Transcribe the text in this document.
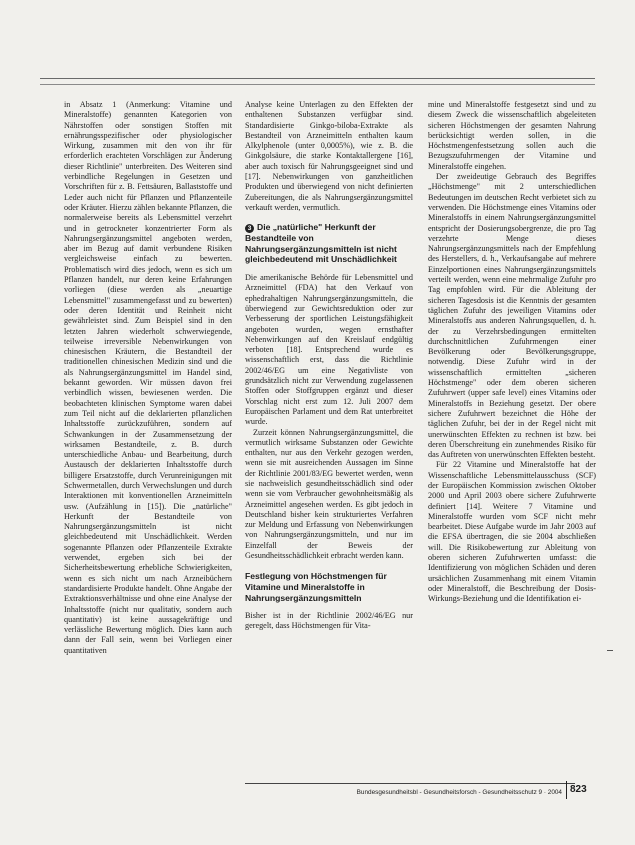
in Absatz 1 (Anmerkung: Vitamine und Mineralstoffe) genannten Kategorien von Nährstoffen oder sonstigen Stoffen mit ernährungsspezifischer oder physiologischer Wirkung, zusammen mit den von ihr für erforderlich erachteten Vorschlägen zur Änderung dieser Richtlinie" unterbreiten. Des Weiteren sind verbindliche Regelungen in Gesetzen und Vorschriften für z. B. Fettsäuren, Ballaststoffe und Leder auch nicht für Pflanzen und Pflanzenteile oder Kräuter. Hierzu zählen bekannte Pflanzen, die normalerweise bereits als Lebensmittel verzehrt und in getrockneter konzentrierter Form als Nahrungsergänzungsmittel angeboten werden, aber im Bezug auf damit verbundene Risiken vergleichsweise einfach zu bewerten. Problematisch wird dies jedoch, wenn es sich um Pflanzen handelt, nur deren keine Erfahrungen vorliegen (diese werden als „neuartige Lebensmittel" zusammengefasst und zu bewerten) oder deren Identität und Reinheit nicht gewährleistet sind. Zum Beispiel sind in den letzten Jahren wiederholt schwerwiegende, teilweise irreversible Nebenwirkungen von chinesischen Kräutern, die Bestandteil der traditionellen chinesischen Medizin sind und die als Nahrungsergänzungsmittel im Handel sind, bekannt geworden. Wir müssen davon frei verbindlich wissen, bewiesenen werden. Die beobachteten klinischen Symptome waren dabei zum Teil nicht auf die deklarierten pflanzlichen Inhaltsstoffe zurückzuführen, sondern auf Schwankungen in der Zusammensetzung der wirksamen Bestandteile, z. B. durch unterschiedliche Anbau- und Bearbeitung, durch Austausch der deklarierten Inhaltsstoffe durch billigere Ersatzstoffe, durch Verunreinigungen mit Schwermetallen, durch Verwechslungen und durch Interaktionen mit konventionellen Arzneimitteln usw. (Aufzählung in [15]). Die „natürliche" Herkunft der Bestandteile von Nahrungsergänzungsmitteln ist nicht gleichbedeutend mit Unschädlichkeit. Werden sogenannte Pflanzen oder Pflanzenteile Extrakte verwendet, ergeben sich bei der Sicherheitsbewertung erhebliche Schwierigkeiten, wenn es sich nicht um nach Arzneibüchern standardisierte Produkte handelt. Ohne Angabe der Extraktionsverhältnisse und ohne eine Analyse der Inhaltsstoffe (nicht nur qualitativ, sondern auch quantitativ) ist keine aussagekräftige und verlässliche Bewertung möglich. Dies kann auch dann der Fall sein, wenn bei Vorliegen einer quantitativen

Analyse keine Unterlagen zu den Effekten der enthaltenen Substanzen verfügbar sind. Standardisierte Ginkgo-biloba-Extrakte als Bestandteil von Arzneimitteln enthalten kaum Alkylphenole (unter 0,0005%), wie z. B. die Ginkgolsäure, die starke Kontaktallergene [16], aber auch toxisch für Nahrungsgeeignet sind und [17]. Nebenwirkungen von ganzheitlichen Produkten und überwiegend von nicht definierten Zubereitungen, die als Nahrungsergänzungsmittel verkauft werden, vermutlich.

3 Die „natürliche" Herkunft der Bestandteile von Nahrungsergänzungsmitteln ist nicht gleichbedeutend mit Unschädlichkeit

Die amerikanische Behörde für Lebensmittel und Arzneimittel (FDA) hat den Verkauf von ephedrahaltigen Nahrungsergänzungsmitteln, die überwiegend zur Gewichtsreduktion oder zur Verbesserung der sportlichen Leistungsfähigkeit angeboten wurden, wegen ernsthafter Nebenwirkungen auf den Kreislauf endgültig verboten [18]. Entsprechend wurde es wissenschaftlich erst, dass die Richtlinie 2002/46/EG um eine Negativliste von grundsätzlich nicht zur Verwendung zugelassenen Stoffen oder Stoffgruppen ergänzt und dieser Vorschlag nicht erst zum 12. Juli 2007 dem Europäischen Parlament und dem Rat unterbreitet wurde.

Zurzeit können Nahrungsergänzungsmittel, die vermutlich wirksame Substanzen oder Gewichte enthalten, nur aus den Verkehr gezogen werden, wenn sie mit ausreichenden Aussagen im Sinne der Richtlinie 2001/83/EG bewertet werden, wenn sie nachweislich gesundheitsschädlich sind oder wenn sie vom Verbraucher gewohnheitsmäßig als Arzneimittel angesehen werden. Es gibt jedoch in Deutschland bisher kein strukturiertes Verfahren zur Meldung und Erfassung von Nebenwirkungen von Nahrungsergänzungsmitteln, und nur im Einzelfall der Beweis der Gesundheitsschädlichkeit erbracht werden kann.

Festlegung von Höchstmengen für Vitamine und Mineralstoffe in Nahrungsergänzungsmitteln

Bisher ist in der Richtlinie 2002/46/EG nur geregelt, dass Höchstmengen für Vita-

mine und Mineralstoffe festgesetzt sind und zu diesem Zweck die wissenschaftlich abgeleiteten sicheren Höchstmengen der gesamten Nahrung berücksichtigt werden sollen, in die Höchstmengenfestsetzung sollen auch die Bezugszufuhrmengen der Vitamine und Mineralstoffe eingehen.

Der zweideutige Gebrauch des Begriffes „Höchstmenge" mit 2 unterschiedlichen Bedeutungen im deutschen Recht verbietet sich zu verwenden. Die Höchstmenge eines Vitamins oder Mineralstoffs in einem Nahrungsergänzungsmittel entspricht der Dosierungsobergrenze, die pro Tag verzehrte Menge dieses Nahrungsergänzungsmittels nach der Empfehlung des Herstellers, d. h., Verkaufsangabe auf mehrere Einzelportionen eines Nahrungsergänzungsmittels verteilt werden, wenn eine mehrmalige Zufuhr pro Tag empfohlen wird. Für die Ableitung der sicheren Tagesdosis ist die Kenntnis der gesamten täglichen Zufuhr des jeweiligen Vitamins oder Mineralstoffs aus anderen Nahrungsquellen, d. h. der zu Verzehrsbedingungen ermittelten durchschnittlichen Zufuhrmengen einer Bevölkerung oder Bevölkerungsgruppe, notwendig. Diese Zufuhr wird in der wissenschaftlich ermittelten „sicheren Höchstmenge" oder dem oberen sicheren Zufuhrwert (upper safe level) eines Vitamins oder Mineralstoffs in Beziehung gesetzt. Der obere sichere Zufuhrwert bezeichnet die Höhe der täglichen Zufuhr, bei der in der Regel nicht mit unerwünschten Effekten zu rechnen ist bzw. bei deren Überschreitung ein zunehmendes Risiko für das Auftreten von unerwünschten Effekten besteht.

Für 22 Vitamine und Mineralstoffe hat der Wissenschaftliche Lebensmittelausschuss (SCF) der Europäischen Kommission zwischen Oktober 2000 und April 2003 obere sichere Zufuhrwerte definiert [14]. Weitere 7 Vitamine und Mineralstoffe wurden vom SCF nicht mehr bearbeitet. Diese Aufgabe wurde im Jahr 2003 auf die EFSA übertragen, die sie 2004 abschließen will. Die Risikobewertung zur Ableitung von oberen sicheren Zufuhrwerten umfasst: die Identifizierung von möglichen Schäden und deren ursächlichen Zusammenhang mit einem Vitamin oder Mineralstoff, die Beschreibung der Dosis-Wirkungs-Beziehung und die Identifikation ei-

Bundesgesundheitsbl - Gesundheitsforsch - Gesundheitsschutz 9 · 2004 823
